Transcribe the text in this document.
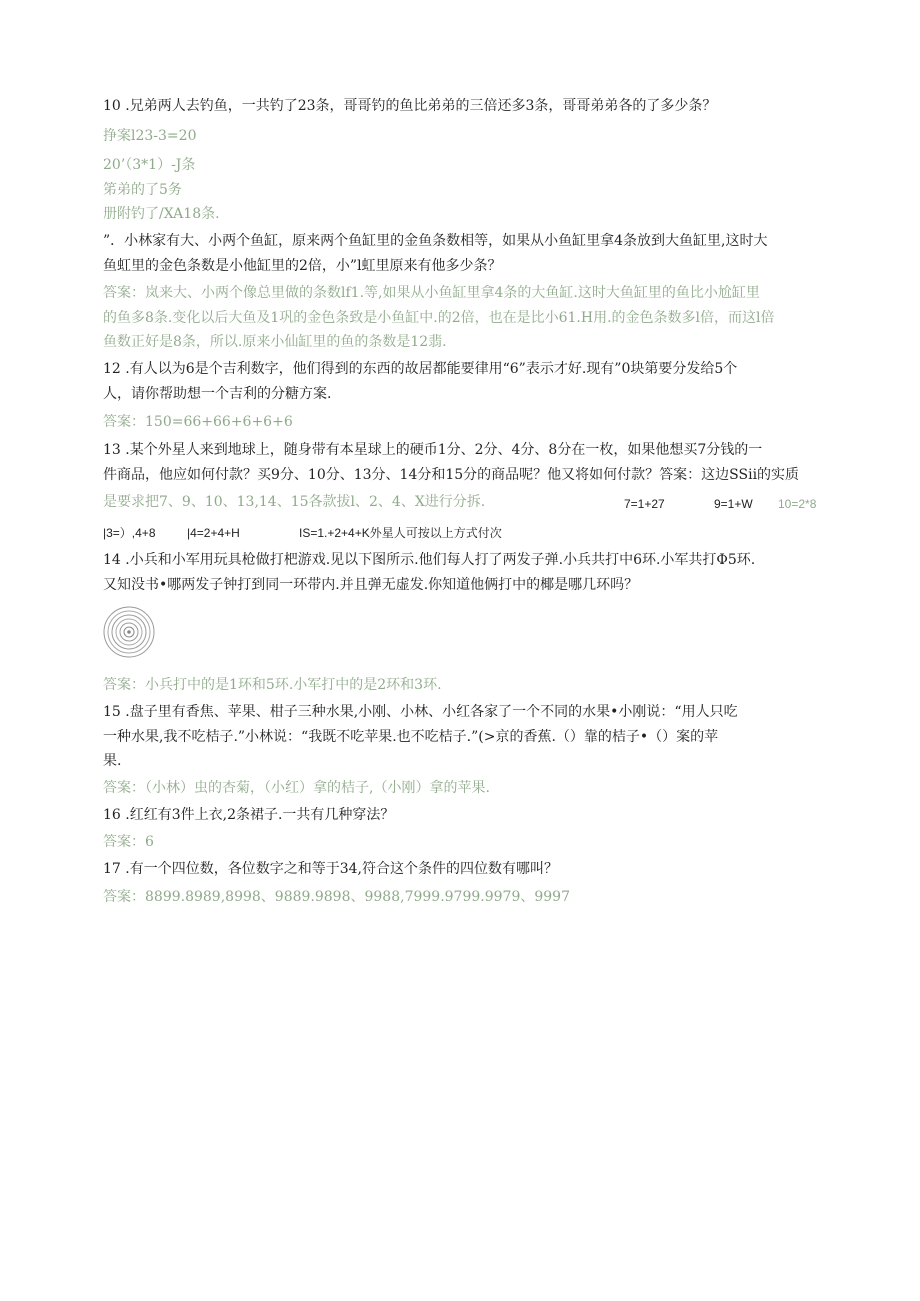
10 .兄弟两人去钓鱼，一共钓了23条，哥哥钓的鱼比弟弟的三倍还多3条，哥哥弟弟各的了多少条？
挣案l23-3=20
20’（3*1）-J条
笫弟的了5务
册附钓了/XA18条.
”．小林家有大、小两个鱼缸，原来两个鱼缸里的金鱼条数相等，如果从小鱼缸里拿4条放到大鱼缸里,这时大
鱼虹里的金色条数是小他缸里的2倍，小”l虹里原来有他多少条？
答案：岚来大、小两个像总里做的条数lf1.等,如果从小鱼缸里拿4条的大鱼缸.这时大鱼缸里的鱼比小尬缸里
的鱼多8条.变化以后大鱼及1巩的金色条致是小鱼缸中.的2倍，也在是比小61.H用.的金色条数多l倍，而这l倍
鱼数正好是8条，所以.原来小仙缸里的鱼的条数是12翡.
12 .有人以为6是个吉利数字，他们得到的东西的故居都能要律用“6”表示才好.现有”0块第要分发给5个
人，请你帮助想一个吉利的分糖方案.
答案：150=66+66+6+6+6
13 .某个外星人来到地球上，随身带有本星球上的硬币1分、2分、4分、8分在一枚，如果他想买7分钱的一
件商品，他应如何付款？买9分、10分、13分、14分和15分的商品呢？他又将如何付款？答案：这边SSii的实质
是要求把7、9、10、13,14、15各款拔l、2、4、X进行分拆.	7=1+27	9=1+W 10=2*8
|3=）,4+8	|4=2+4+H	IS=1.+2+4+K外星人可按以上方式付次
14 .小兵和小军用玩具枪做打杷游戏.见以下图所示.他们每人打了两发子弹.小兵共打中6环.小军共打Φ5环.
又知没书•哪两发子钟打到同一环带内.并且弹无虚发.你知道他俩打中的椰是哪几环吗？
答案：小兵打中的是1环和5环.小军打中的是2环和3环.
15 .盘子里有香焦、苹果、柑子三种水果,小刚、小林、小红各家了一个不同的水果•小刚说：“用人只吃
一种水果,我不吃桔子.”小林说：“我既不吃苹果.也不吃桔子.”(>京的香蕉.（）靠的桔子•（）案的苹
果.
答案：（小林）虫的杏菊，（小红）拿的桔子,（小刚）拿的苹果.
16 .红红有3件上衣,2条裙子.一共有几种穿法？
答案：6
17 .有一个四位数，各位数字之和等于34,符合这个条件的四位数有哪叫？
答案：8899.8989,8998、9889.9898、9988,7999.9799.9979、9997
